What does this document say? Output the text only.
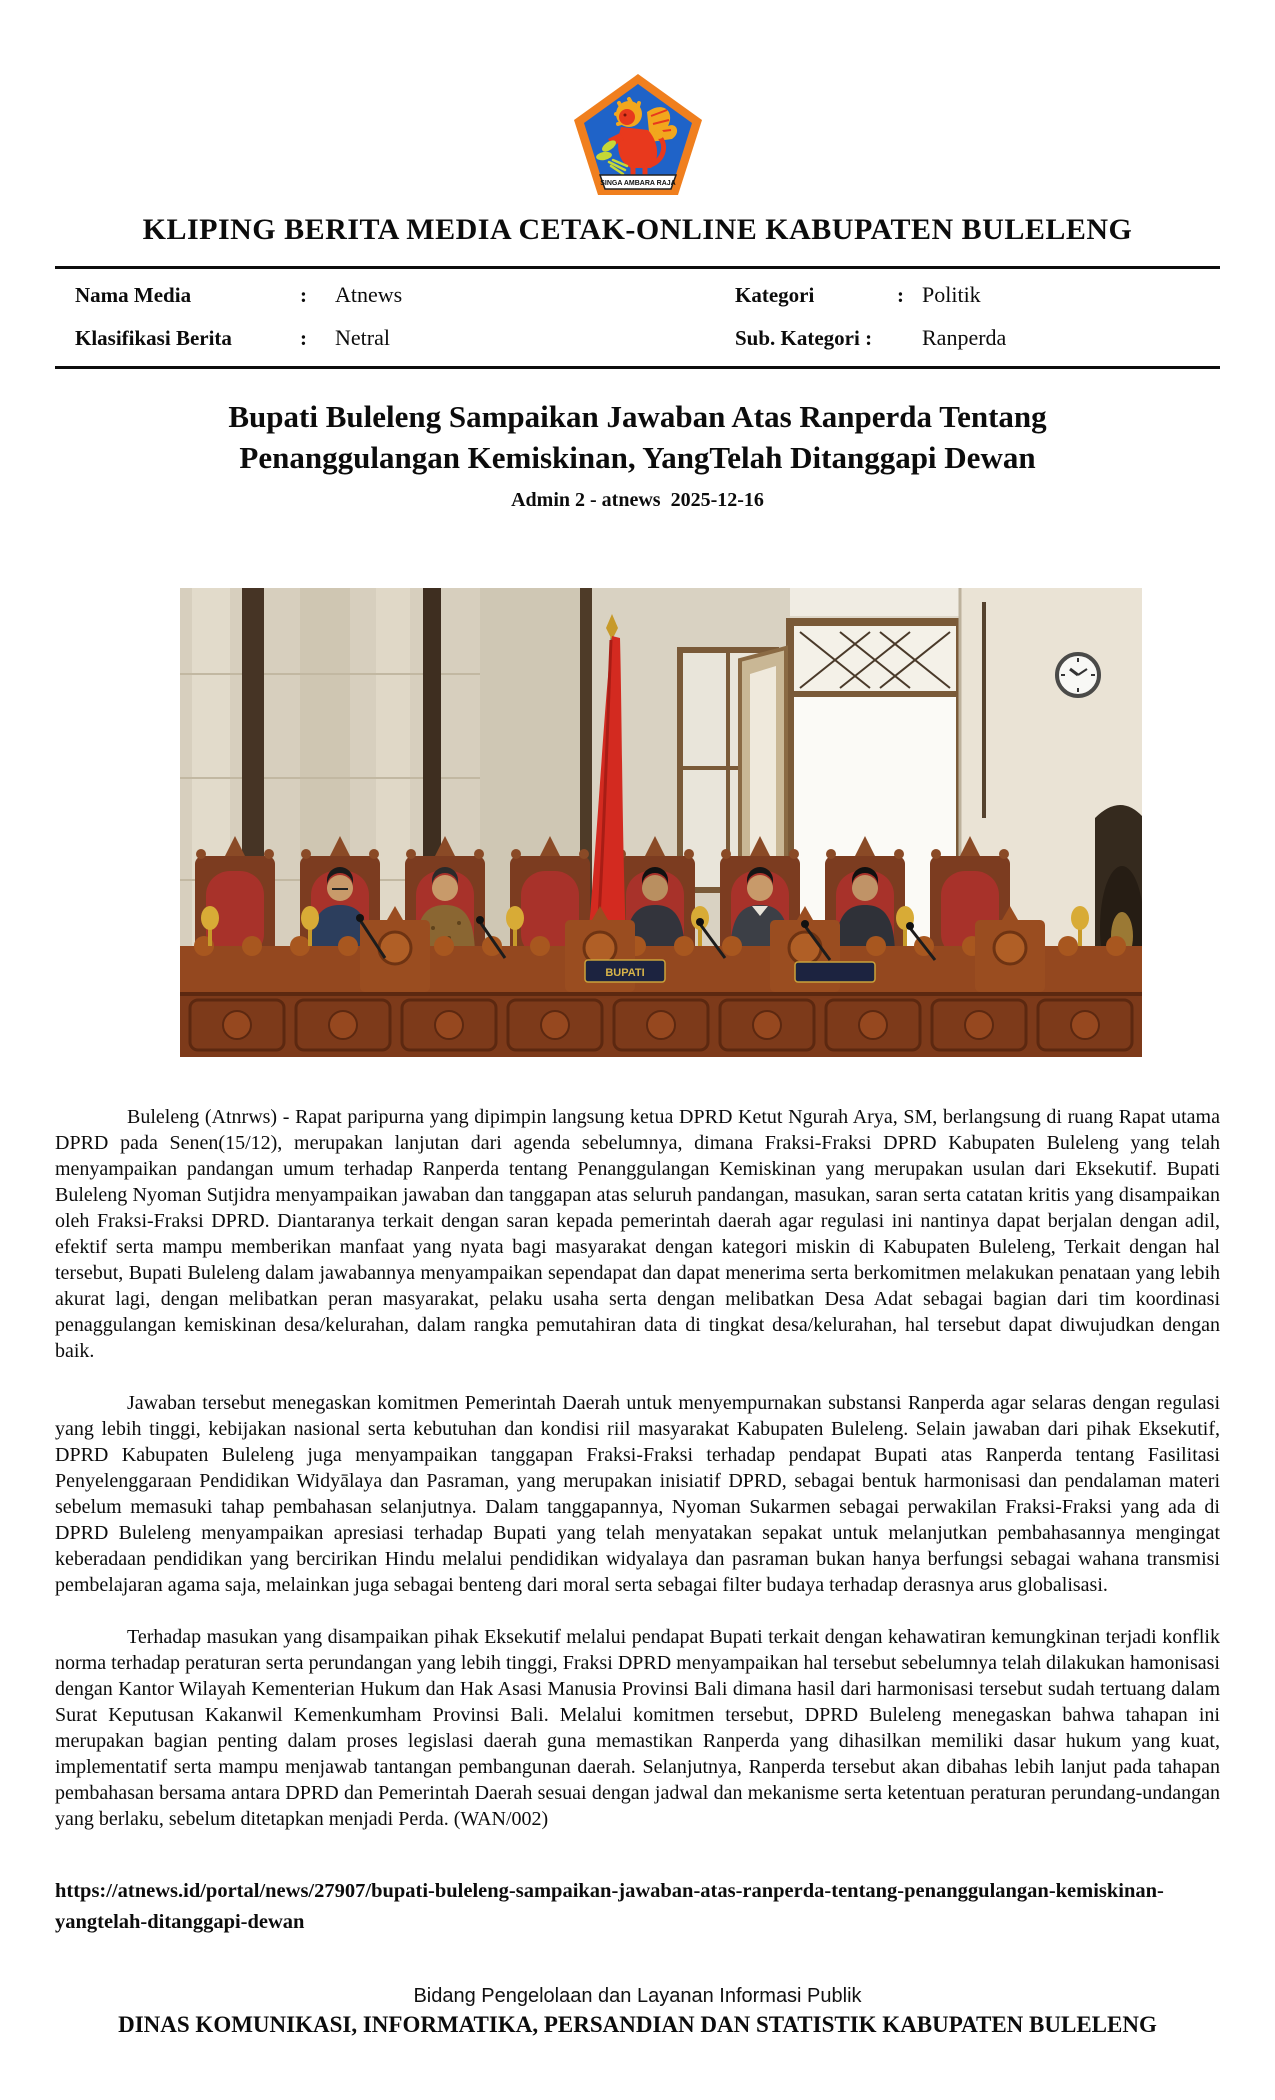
SINGA AMBARA RAJA
KLIPING BERITA MEDIA CETAK-ONLINE KABUPATEN BULELENG
Nama Media	:	Atnews	Kategori	: Politik
Klasifikasi Berita	:	Netral	Sub. Kategori :	Ranperda
Bupati Buleleng Sampaikan Jawaban Atas Ranperda Tentang
Penanggulangan Kemiskinan, YangTelah Ditanggapi Dewan
Admin 2 - atnews  2025-12-16
BUPATI

Buleleng (Atnrws) - Rapat paripurna yang dipimpin langsung ketua DPRD Ketut Ngurah Arya, SM, berlangsung di ruang Rapat utama DPRD pada Senen(15/12), merupakan lanjutan dari agenda sebelumnya, dimana Fraksi-Fraksi DPRD Kabupaten Buleleng yang telah menyampaikan pandangan umum terhadap Ranperda tentang Penanggulangan Kemiskinan yang merupakan usulan dari Eksekutif. Bupati Buleleng Nyoman Sutjidra menyampaikan jawaban dan tanggapan atas seluruh pandangan, masukan, saran serta catatan kritis yang disampaikan oleh Fraksi-Fraksi DPRD. Diantaranya terkait dengan saran kepada pemerintah daerah agar regulasi ini nantinya dapat berjalan dengan adil, efektif serta mampu memberikan manfaat yang nyata bagi masyarakat dengan kategori miskin di Kabupaten Buleleng, Terkait dengan hal tersebut, Bupati Buleleng dalam jawabannya menyampaikan sependapat dan dapat menerima serta berkomitmen melakukan penataan yang lebih akurat lagi, dengan melibatkan peran masyarakat, pelaku usaha serta dengan melibatkan Desa Adat sebagai bagian dari tim koordinasi penaggulangan kemiskinan desa/kelurahan, dalam rangka pemutahiran data di tingkat desa/kelurahan, hal tersebut dapat diwujudkan dengan baik.

Jawaban tersebut menegaskan komitmen Pemerintah Daerah untuk menyempurnakan substansi Ranperda agar selaras dengan regulasi yang lebih tinggi, kebijakan nasional serta kebutuhan dan kondisi riil masyarakat Kabupaten Buleleng. Selain jawaban dari pihak Eksekutif, DPRD Kabupaten Buleleng juga menyampaikan tanggapan Fraksi-Fraksi terhadap pendapat Bupati atas Ranperda tentang Fasilitasi Penyelenggaraan Pendidikan Widyālaya dan Pasraman, yang merupakan inisiatif DPRD, sebagai bentuk harmonisasi dan pendalaman materi sebelum memasuki tahap pembahasan selanjutnya. Dalam tanggapannya, Nyoman Sukarmen sebagai perwakilan Fraksi-Fraksi yang ada di DPRD Buleleng menyampaikan apresiasi terhadap Bupati yang telah menyatakan sepakat untuk melanjutkan pembahasannya mengingat keberadaan pendidikan yang bercirikan Hindu melalui pendidikan widyalaya dan pasraman bukan hanya berfungsi sebagai wahana transmisi pembelajaran agama saja, melainkan juga sebagai benteng dari moral serta sebagai filter budaya terhadap derasnya arus globalisasi.

Terhadap masukan yang disampaikan pihak Eksekutif melalui pendapat Bupati terkait dengan kehawatiran kemungkinan terjadi konflik norma terhadap peraturan serta perundangan yang lebih tinggi, Fraksi DPRD menyampaikan hal tersebut sebelumnya telah dilakukan hamonisasi dengan Kantor Wilayah Kementerian Hukum dan Hak Asasi Manusia Provinsi Bali dimana hasil dari harmonisasi tersebut sudah tertuang dalam Surat Keputusan Kakanwil Kemenkumham Provinsi Bali. Melalui komitmen tersebut, DPRD Buleleng menegaskan bahwa tahapan ini merupakan bagian penting dalam proses legislasi daerah guna memastikan Ranperda yang dihasilkan memiliki dasar hukum yang kuat, implementatif serta mampu menjawab tantangan pembangunan daerah. Selanjutnya, Ranperda tersebut akan dibahas lebih lanjut pada tahapan pembahasan bersama antara DPRD dan Pemerintah Daerah sesuai dengan jadwal dan mekanisme serta ketentuan peraturan perundang-undangan yang berlaku, sebelum ditetapkan menjadi Perda. (WAN/002)

https://atnews.id/portal/news/27907/bupati-buleleng-sampaikan-jawaban-atas-ranperda-tentang-penanggulangan-kemiskinan-yangtelah-ditanggapi-dewan
Bidang Pengelolaan dan Layanan Informasi Publik
DINAS KOMUNIKASI, INFORMATIKA, PERSANDIAN DAN STATISTIK KABUPATEN BULELENG
